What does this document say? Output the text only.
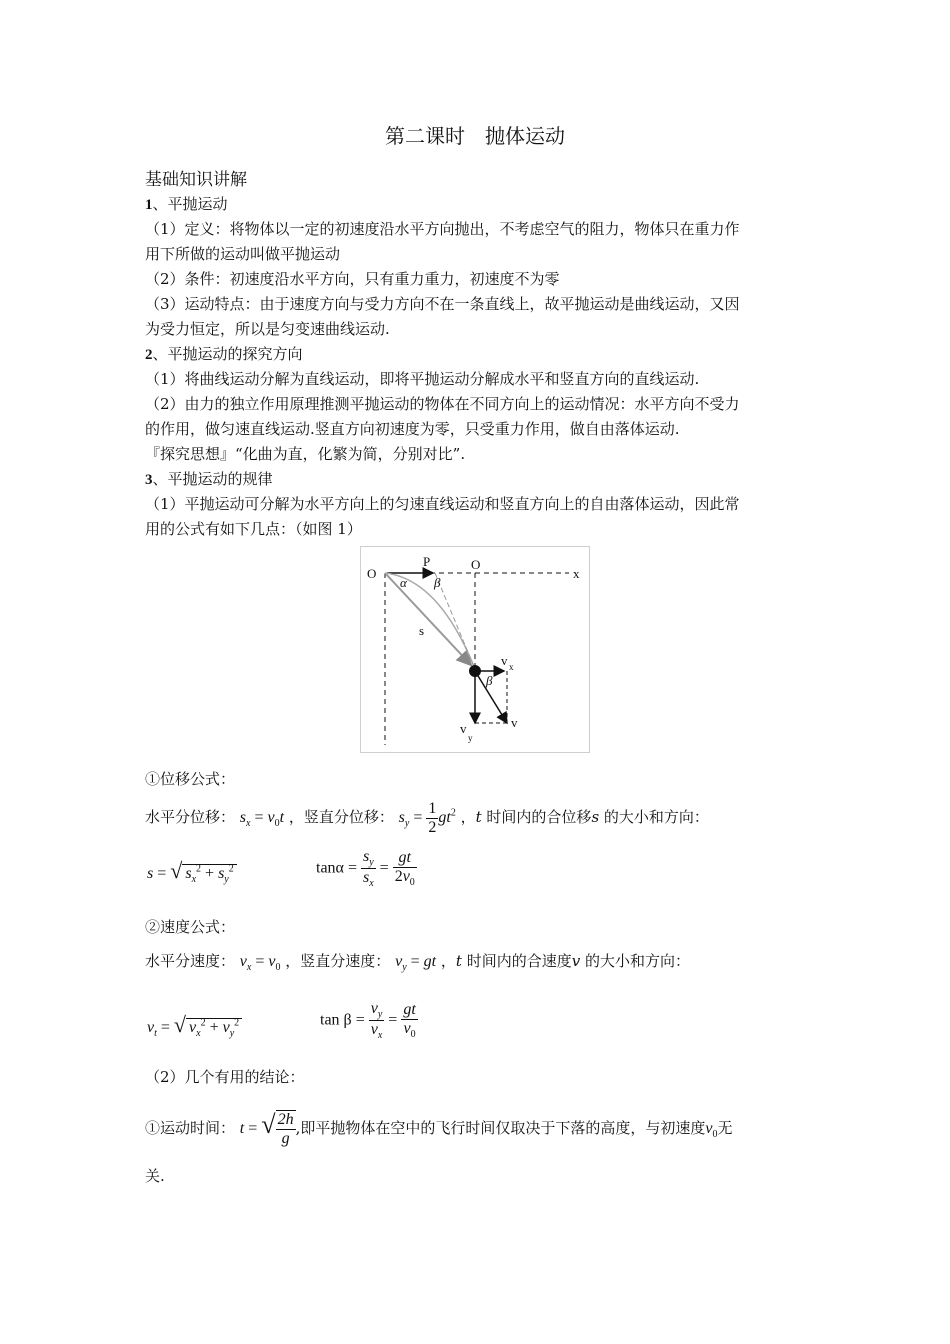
第二课时　抛体运动
基础知识讲解
1、平抛运动
（1）定义：将物体以一定的初速度沿水平方向抛出，不考虑空气的阻力，物体只在重力作
用下所做的运动叫做平抛运动
（2）条件：初速度沿水平方向，只有重力重力，初速度不为零
（3）运动特点：由于速度方向与受力方向不在一条直线上，故平抛运动是曲线运动，又因
为受力恒定，所以是匀变速曲线运动.
2、平抛运动的探究方向
（1）将曲线运动分解为直线运动，即将平抛运动分解成水平和竖直方向的直线运动.
（2）由力的独立作用原理推测平抛运动的物体在不同方向上的运动情况：水平方向不受力
的作用，做匀速直线运动.竖直方向初速度为零，只受重力作用，做自由落体运动.
『探究思想』“化曲为直，化繁为简，分别对比”.
3、平抛运动的规律
（1）平抛运动可分解为水平方向上的匀速直线运动和竖直方向上的自由落体运动，因此常
用的公式有如下几点：（如图 1）
O
P	O
x
α β
s
v x
β
v
v
y
①位移公式：
水平分位移： $s_x = v_0t$ ，竖直分位移： $s_y = \frac{1}{2} gt^2$ ，t 时间内的合位移s 的大小和方向：
s = √ $s_x^2 + s_y^2$	$\tan\alpha = \frac{s_y}{s_x} = \frac{gt}{2v_0}$
②速度公式：
水平分速度： $v_x = v_0$ ，竖直分速度： $v_y$ = gt ，t 时间内的合速度v 的大小和方向：
$v_t$ = √ $v_x^2 + v_y^2$	$\tan \beta = \frac{v_y}{v_x} = \frac{gt}{v_0}$
（2）几个有用的结论：
①运动时间： t = √ $\frac{2h}{g}$ ,即平抛物体在空中的飞行时间仅取决于下落的高度，与初速度$v_0$无
关.
